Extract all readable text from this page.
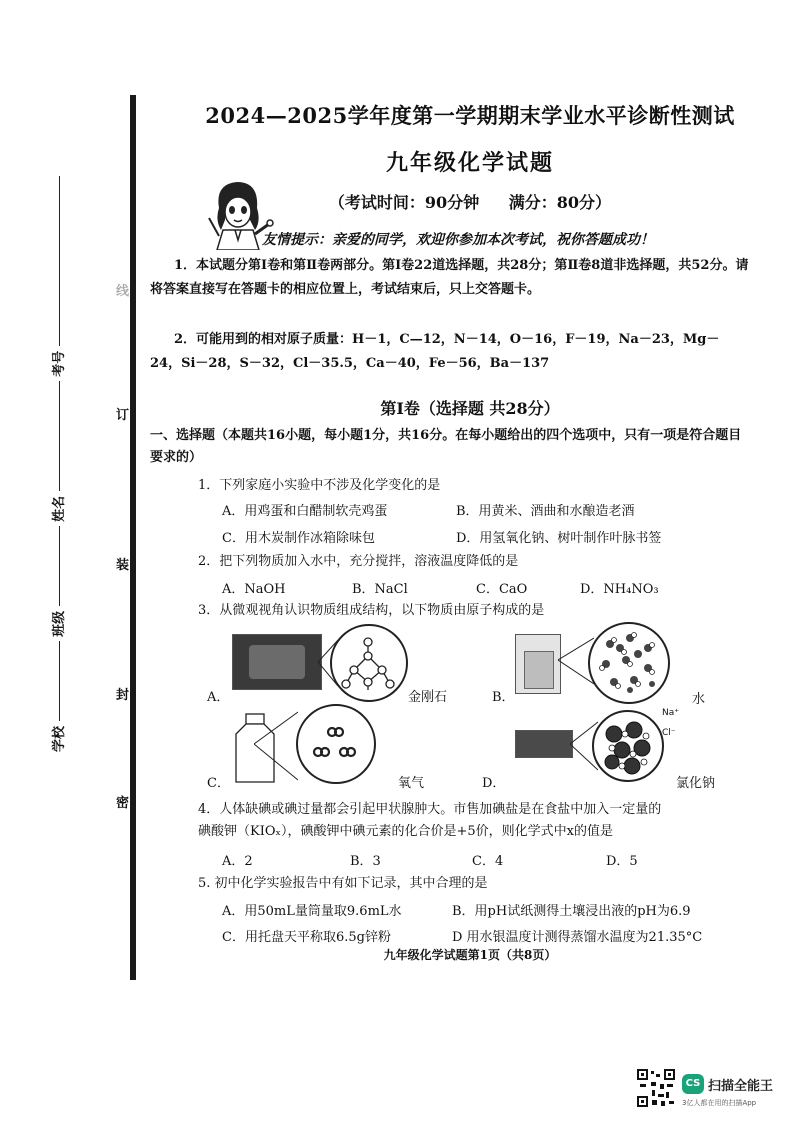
学校  班级  姓名  考号
密
封
装
订
线
2024—2025学年度第一学期期末学业水平诊断性测试
九年级化学试题
（考试时间：90分钟 满分：80分）
友情提示：亲爱的同学，欢迎你参加本次考试，祝你答题成功！
1．本试题分第Ⅰ卷和第Ⅱ卷两部分。第Ⅰ卷22道选择题，共28分；第Ⅱ卷8道非选择题，共52分。请将答案直接写在答题卡的相应位置上，考试结束后，只上交答题卡。
2．可能用到的相对原子质量：H－1，C—12，N－14，O－16，F－19，Na－23，Mg－24，Si－28，S－32，Cl－35.5，Ca－40，Fe－56，Ba－137
第Ⅰ卷（选择题 共28分）
一、选择题（本题共16小题，每小题1分，共16分。在每小题给出的四个选项中，只有一项是符合题目要求的）
1．下列家庭小实验中不涉及化学变化的是
A．用鸡蛋和白醋制软壳鸡蛋	B．用黄米、酒曲和水酿造老酒
C．用木炭制作冰箱除味包	D．用氢氧化钠、树叶制作叶脉书签
2．把下列物质加入水中，充分搅拌，溶液温度降低的是
A．NaOH	B．NaCl	C．CaO	D．NH₄NO₃
3．从微观视角认识物质组成结构，以下物质由原子构成的是
A．	金刚石	B．	水
C．	氧气	D．
Na⁺
Cl⁻
氯化钠
4．人体缺碘或碘过量都会引起甲状腺肿大。市售加碘盐是在食盐中加入一定量的
碘酸钾（KIOₓ），碘酸钾中碘元素的化合价是+5价，则化学式中x的值是
A．2	B．3	C．4	D．5
5. 初中化学实验报告中有如下记录，其中合理的是
A．用50mL量筒量取9.6mL水	B．用pH试纸测得土壤浸出液的pH为6.9
C．用托盘天平称取6.5g锌粉	D 用水银温度计测得蒸馏水温度为21.35°C
九年级化学试题第1页（共8页）
CS 扫描全能王
3亿人都在用的扫描App
